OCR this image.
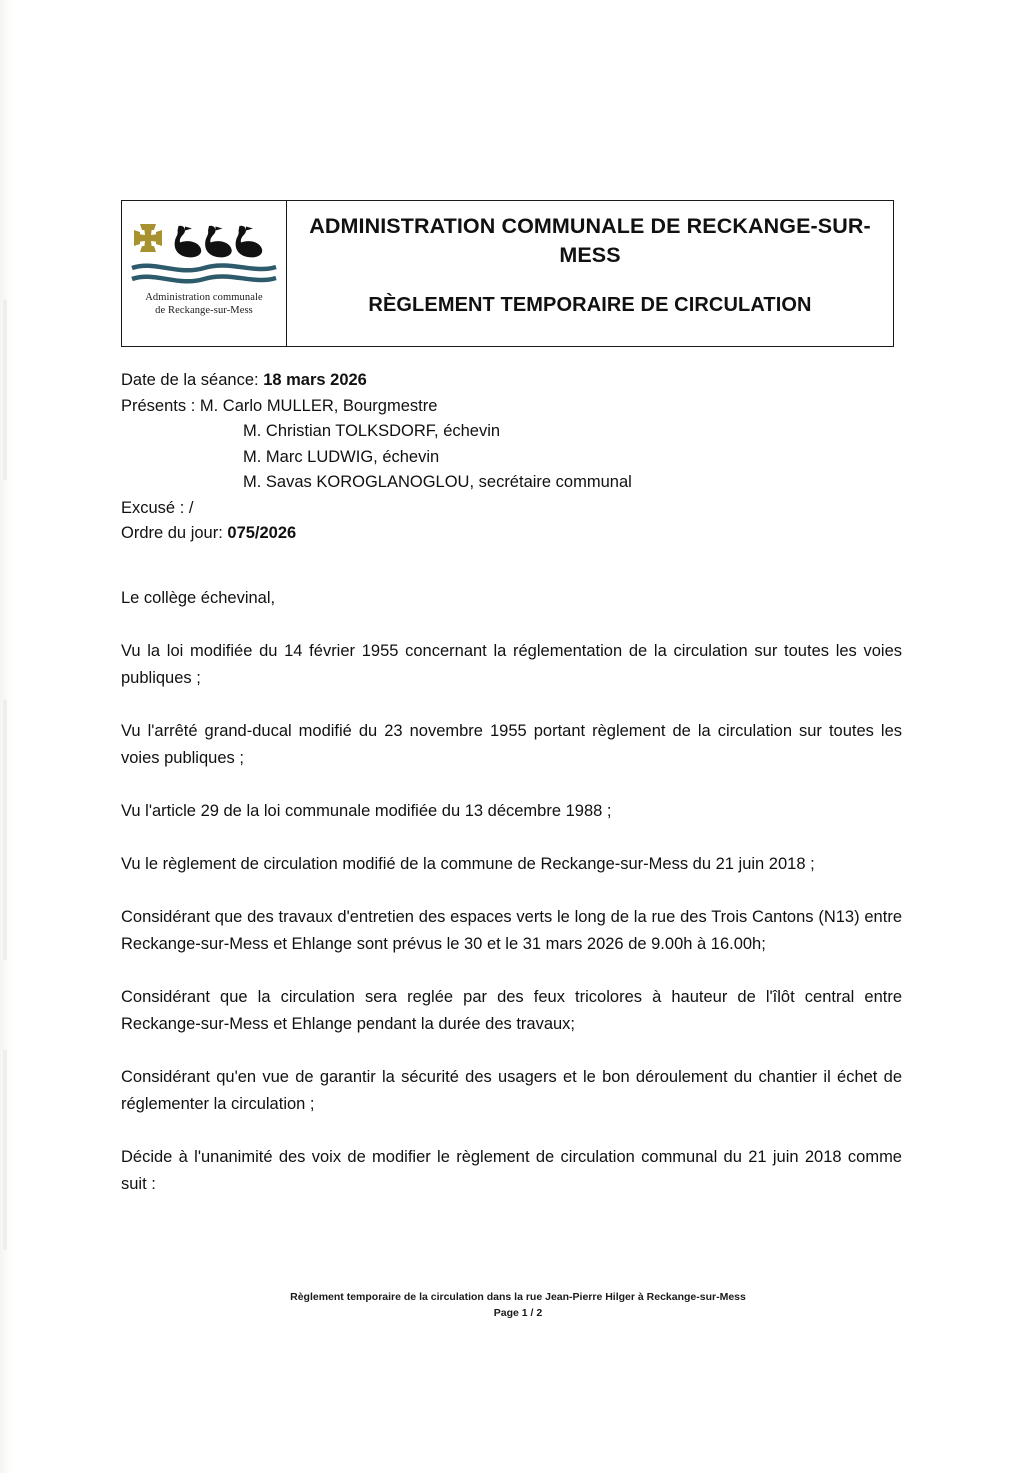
Administration communale
de Reckange-sur-Mess
ADMINISTRATION COMMUNALE DE RECKANGE-SUR-MESS
RÈGLEMENT TEMPORAIRE DE CIRCULATION
Date de la séance: 18 mars 2026
Présents : M. Carlo MULLER, Bourgmestre
M. Christian TOLKSDORF, échevin
M. Marc LUDWIG, échevin
M. Savas KOROGLANOGLOU, secrétaire communal
Excusé : /
Ordre du jour: 075/2026

Le collège échevinal,

Vu la loi modifiée du 14 février 1955 concernant la réglementation de la circulation sur toutes les voies publiques ;

Vu l'arrêté grand-ducal modifié du 23 novembre 1955 portant règlement de la circulation sur toutes les voies publiques ;

Vu l'article 29 de la loi communale modifiée du 13 décembre 1988 ;

Vu le règlement de circulation modifié de la commune de Reckange-sur-Mess du 21 juin 2018 ;

Considérant que des travaux d'entretien des espaces verts le long de la rue des Trois Cantons (N13) entre Reckange-sur-Mess et Ehlange sont prévus le 30 et le 31 mars 2026 de 9.00h à 16.00h;

Considérant que la circulation sera reglée par des feux tricolores à hauteur de l'îlôt central entre Reckange-sur-Mess et Ehlange pendant la durée des travaux;

Considérant qu'en vue de garantir la sécurité des usagers et le bon déroulement du chantier il échet de réglementer la circulation ;

Décide à l'unanimité des voix de modifier le règlement de circulation communal du 21 juin 2018 comme suit :

Règlement temporaire de la circulation dans la rue Jean-Pierre Hilger à Reckange-sur-Mess
Page 1 / 2
